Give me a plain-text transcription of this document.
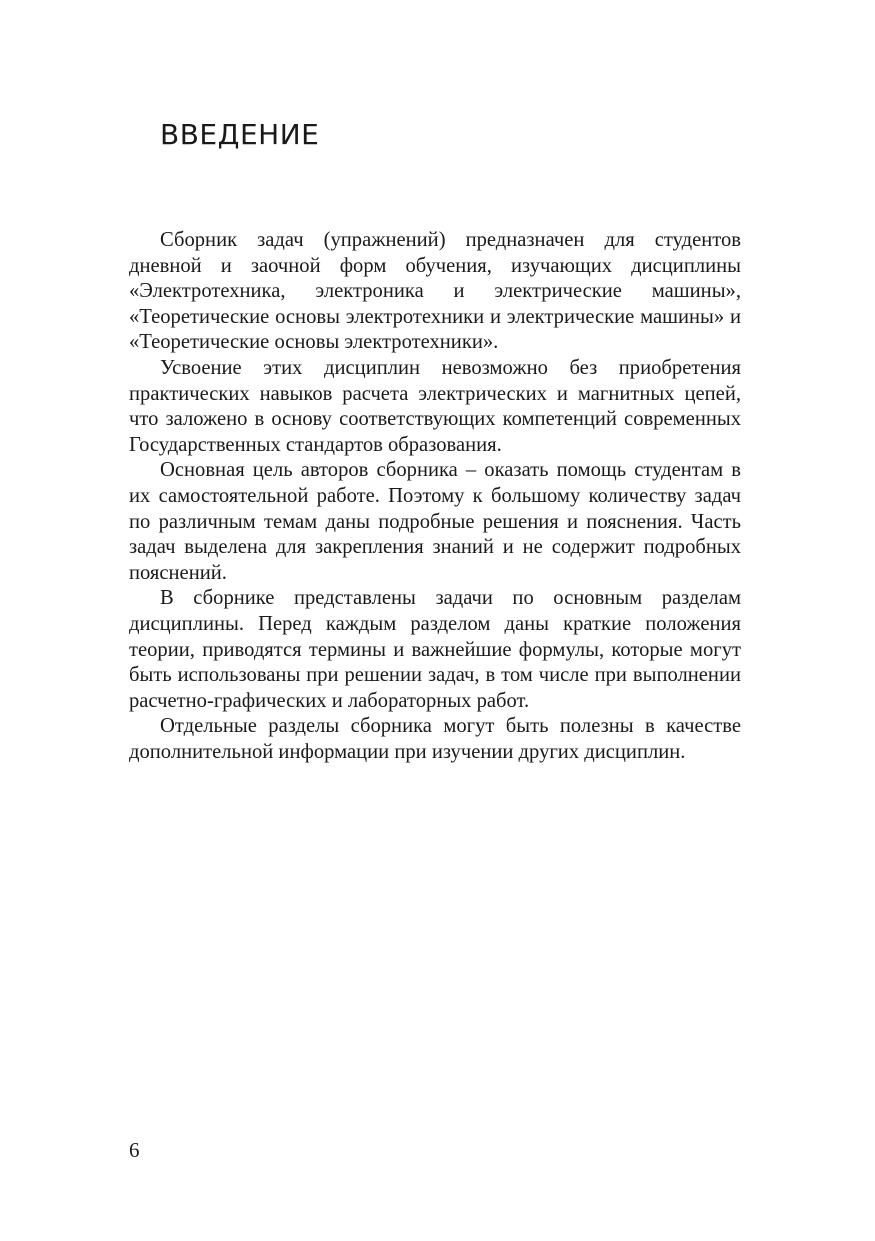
ВВЕДЕНИЕ

Сборник задач (упражнений) предназначен для студентов дневной и заочной форм обучения, изучающих дисциплины «Электротехника, электроника и электрические машины», «Теоретические основы электротехники и электрические машины» и «Теоретические основы электротехники».

Усвоение этих дисциплин невозможно без приобретения практических навыков расчета электрических и магнитных цепей, что заложено в основу соответствующих компетенций современных Государственных стандартов образования.

Основная цель авторов сборника – оказать помощь студентам в их самостоятельной работе. Поэтому к большому количеству задач по различным темам даны подробные решения и пояснения. Часть задач выделена для закрепления знаний и не содержит подробных пояснений.

В сборнике представлены задачи по основным разделам дисциплины. Перед каждым разделом даны краткие положения теории, приводятся термины и важнейшие формулы, которые могут быть использованы при решении задач, в том числе при выполнении расчетно-графических и лабораторных работ.

Отдельные разделы сборника могут быть полезны в качестве дополнительной информации при изучении других дисциплин.

6
